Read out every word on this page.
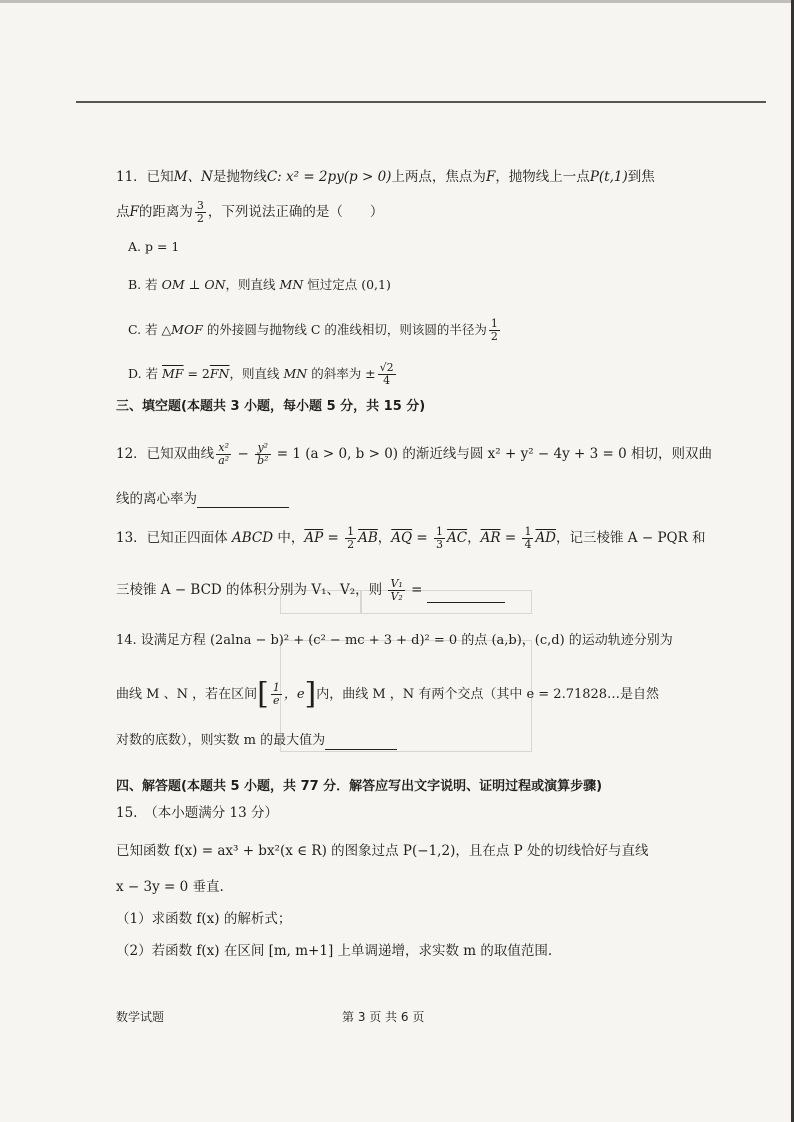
11．已知M、N是抛物线C: x² = 2py(p > 0)上两点，焦点为F，抛物线上一点P(t,1)到焦
点F的距离为 $\frac{3}{2}$ ，下列说法正确的是（　　）
A. p = 1
B. 若 OM ⊥ ON，则直线 MN 恒过定点 (0,1)
C. 若 △MOF 的外接圆与抛物线 C 的准线相切，则该圆的半径为 $\frac{1}{2}$
D. 若 $\overline{MF} = 2\overline{FN}$，则直线 MN 的斜率为 ± $\frac{√2}{4}$
三、填空题(本题共 3 小题，每小题 5 分，共 15 分)
12．已知双曲线 $\frac{\text{x²}}{\text{a²}} - \frac{\text{y²}}{\text{b²}} = 1$ (a > 0, b > 0) 的渐近线与圆 x² + y² − 4y + 3 = 0 相切，则双曲
线的离心率为
13．已知正四面体 ABCD 中，$\overline{AP} = \frac{1}{2} \overline{AB}$，$\overline{AQ} = \frac{1}{3} \overline{AC}$，$\overline{AR} = \frac{1}{4} \overline{AD}$，记三棱锥 A − PQR 和
三棱锥 A − BCD 的体积分别为 V₁、V₂，则 $\frac{\text{V₁}}{\text{V₂}}$ =
14. 设满足方程 (2alna − b)² + (c² − mc + 3 + d)² = 0 的点 (a,b)，(c,d) 的运动轨迹分别为
曲线 M 、N ，若在区间[ $\frac{1}{e}$ ，e]内，曲线 M ，N 有两个交点（其中 e = 2.71828…是自然
对数的底数），则实数 m 的最大值为
四、解答题(本题共 5 小题，共 77 分．解答应写出文字说明、证明过程或演算步骤)
15.　（本小题满分 13 分）
已知函数 f(x) = ax³ + bx²(x ∈ R) 的图象过点 P(−1,2)，且在点 P 处的切线恰好与直线
x − 3y = 0 垂直.
（1）求函数 f(x) 的解析式；
（2）若函数 f(x) 在区间 [m, m+1] 上单调递增，求实数 m 的取值范围.
数学试题	第 3 页 共 6 页
